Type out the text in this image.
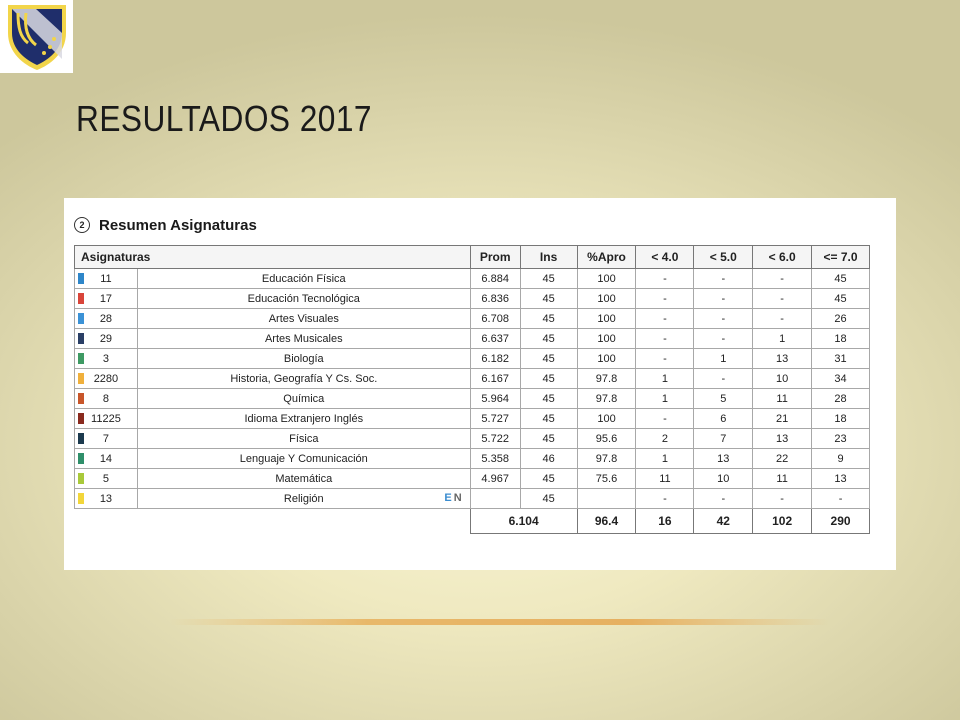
RESULTADOS 2017
2 Resumen Asignaturas
Asignaturas		Prom	Ins	%Apro	< 4.0	< 5.0	< 6.0	<= 7.0

11	Educación Física	6.884	45	100	-	-	-	45

17	Educación Tecnológica	6.836	45	100	-	-	-	45

28	Artes Visuales	6.708	45	100	-	-	-	26

29	Artes Musicales	6.637	45	100	-	-	1	18

3	Biología	6.182	45	100	-	1	13	31

2280	Historia, Geografía Y Cs. Soc.	6.167	45	97.8	1	-	10	34

8	Química	5.964	45	97.8	1	5	11	28

11225	Idioma Extranjero Inglés	5.727	45	100	-	6	21	18

7	Física	5.722	45	95.6	2	7	13	23

14	Lenguaje Y Comunicación	5.358	46	97.8	1	13	22	9

5	Matemática	4.967	45	75.6	11	10	11	13

13	Religión EN		45		-	-	-	-
		6.104		96.4	16	42	102	290
